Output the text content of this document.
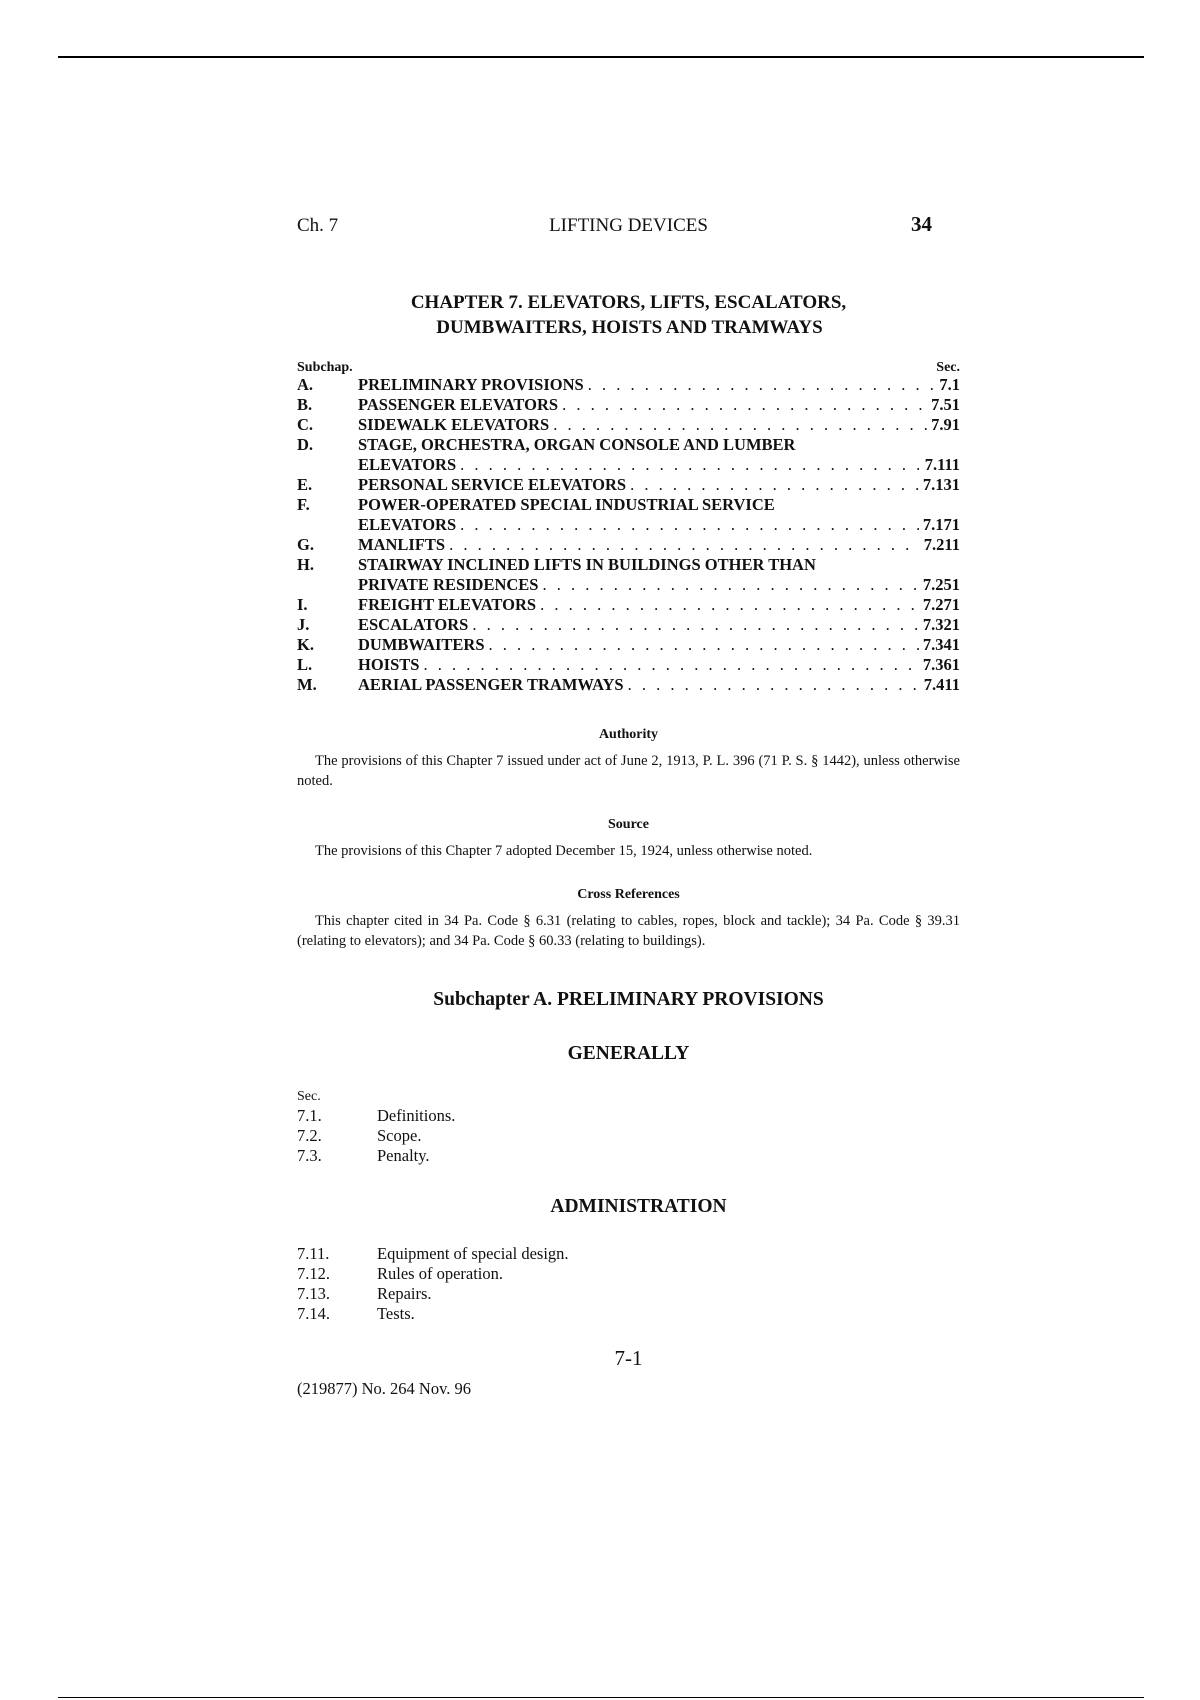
Ch. 7	LIFTING DEVICES	34
CHAPTER 7. ELEVATORS, LIFTS, ESCALATORS,
DUMBWAITERS, HOISTS AND TRAMWAYS
Subchap.	Sec.
A.	PRELIMINARY PROVISIONS . . .	7.1
B.	PASSENGER ELEVATORS . . .	7.51
C.	SIDEWALK ELEVATORS . . .	7.91
D.	STAGE, ORCHESTRA, ORGAN CONSOLE AND LUMBER
ELEVATORS . . .	7.111
E.	PERSONAL SERVICE ELEVATORS . . .	7.131
F.	POWER-OPERATED SPECIAL INDUSTRIAL SERVICE
ELEVATORS . . .	7.171
G.	MANLIFTS . . .	7.211
H.	STAIRWAY INCLINED LIFTS IN BUILDINGS OTHER THAN
PRIVATE RESIDENCES . . .	7.251
I.	FREIGHT ELEVATORS . . .	7.271
J.	ESCALATORS . . .	7.321
K.	DUMBWAITERS . . .	7.341
L.	HOISTS . . .	7.361
M.	AERIAL PASSENGER TRAMWAYS . . .	7.411
Authority
The provisions of this Chapter 7 issued under act of June 2, 1913, P. L. 396 (71 P. S. § 1442), unless otherwise noted.
Source
The provisions of this Chapter 7 adopted December 15, 1924, unless otherwise noted.
Cross References
This chapter cited in 34 Pa. Code § 6.31 (relating to cables, ropes, block and tackle); 34 Pa. Code § 39.31 (relating to elevators); and 34 Pa. Code § 60.33 (relating to buildings).
Subchapter A. PRELIMINARY PROVISIONS
GENERALLY
Sec.
7.1.	Definitions.
7.2.	Scope.
7.3.	Penalty.
ADMINISTRATION
7.11.	Equipment of special design.
7.12.	Rules of operation.
7.13.	Repairs.
7.14.	Tests.
7-1
(219877) No. 264 Nov. 96
